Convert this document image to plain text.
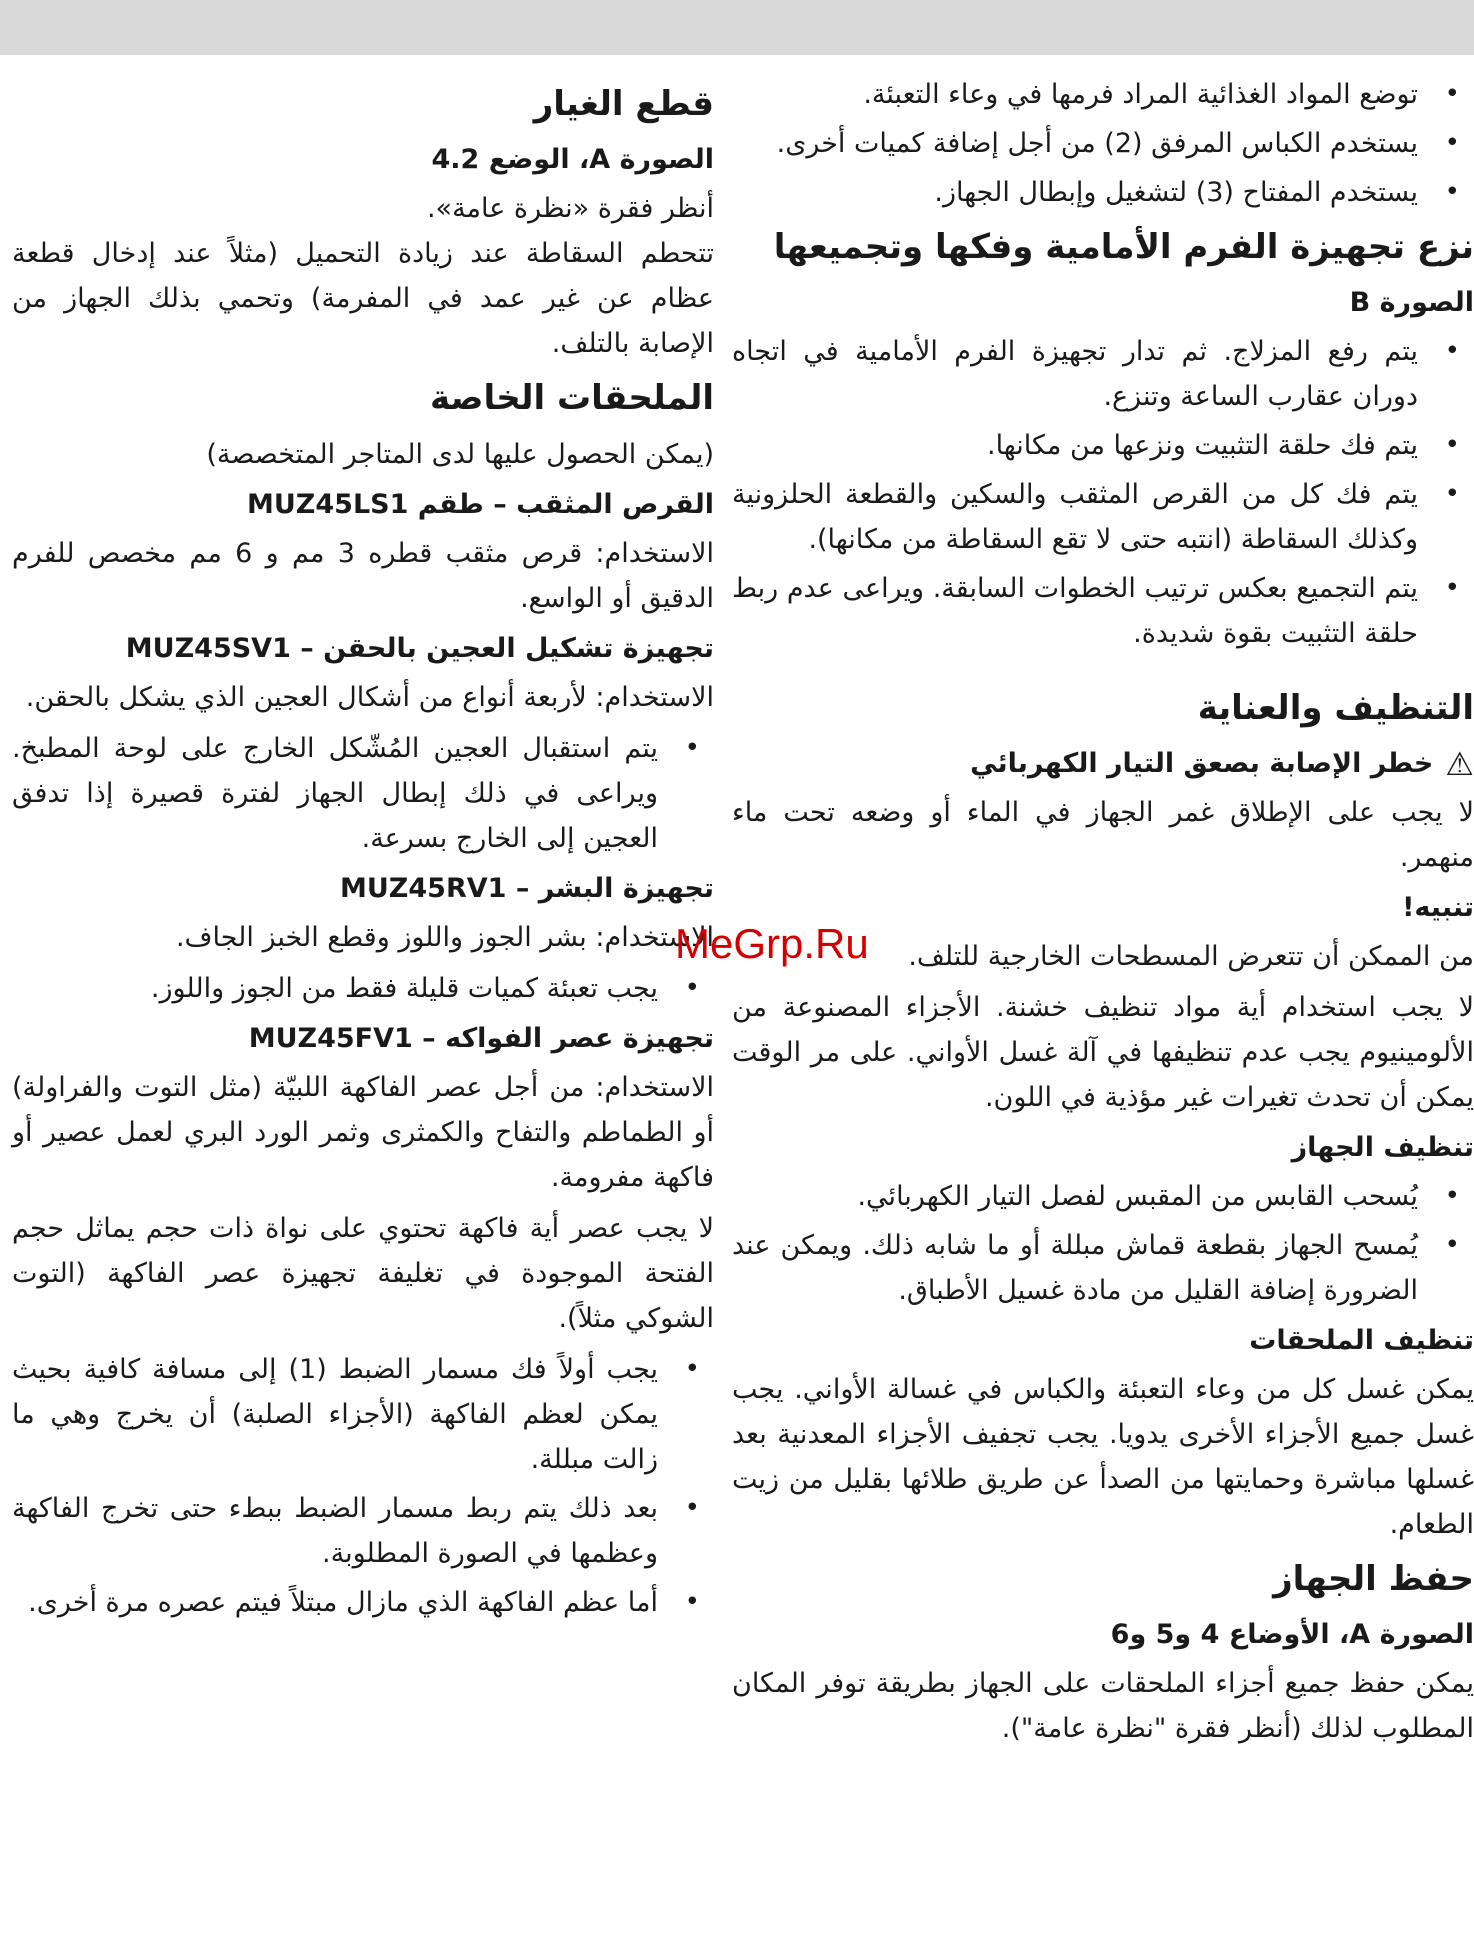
• توضع المواد الغذائية المراد فرمها في وعاء التعبئة.
• يستخدم الكباس المرفق (2) من أجل إضافة كميات أخرى.
• يستخدم المفتاح (3) لتشغيل وإبطال الجهاز.
نزع تجهيزة الفرم الأمامية وفكها وتجميعها
الصورة B
• يتم رفع المزلاج. ثم تدار تجهيزة الفرم الأمامية في اتجاه دوران عقارب الساعة وتنزع.
• يتم فك حلقة التثبيت ونزعها من مكانها.
• يتم فك كل من القرص المثقب والسكين والقطعة الحلزونية وكذلك السقاطة (انتبه حتى لا تقع السقاطة من مكانها).
• يتم التجميع بعكس ترتيب الخطوات السابقة. ويراعى عدم ربط حلقة التثبيت بقوة شديدة.
التنظيف والعناية
⚠
خطر الإصابة بصعق التيار الكهربائي

لا يجب على الإطلاق غمر الجهاز في الماء أو وضعه تحت ماء منهمر.

تنبيه!

من الممكن أن تتعرض المسطحات الخارجية للتلف.

لا يجب استخدام أية مواد تنظيف خشنة. الأجزاء المصنوعة من الألومينيوم يجب عدم تنظيفها في آلة غسل الأواني. على مر الوقت يمكن أن تحدث تغيرات غير مؤذية في اللون.

تنظيف الجهاز
• يُسحب القابس من المقبس لفصل التيار الكهربائي.
• يُمسح الجهاز بقطعة قماش مبللة أو ما شابه ذلك. ويمكن عند الضرورة إضافة القليل من مادة غسيل الأطباق.
تنظيف الملحقات

يمكن غسل كل من وعاء التعبئة والكباس في غسالة الأواني. يجب غسل جميع الأجزاء الأخرى يدويا. يجب تجفيف الأجزاء المعدنية بعد غسلها مباشرة وحمايتها من الصدأ عن طريق طلائها بقليل من زيت الطعام.

حفظ الجهاز
الصورة A، الأوضاع 4 و5 و6

يمكن حفظ جميع أجزاء الملحقات على الجهاز بطريقة توفر المكان المطلوب لذلك (أنظر فقرة "نظرة عامة").

قطع الغيار
الصورة A، الوضع 4.2

أنظر فقرة «نظرة عامة».

تتحطم السقاطة عند زيادة التحميل (مثلاً عند إدخال قطعة عظام عن غير عمد في المفرمة) وتحمي بذلك الجهاز من الإصابة بالتلف.

الملحقات الخاصة

(يمكن الحصول عليها لدى المتاجر المتخصصة)

القرص المثقب – طقم MUZ45LS1

الاستخدام: قرص مثقب قطره 3 مم و 6 مم مخصص للفرم الدقيق أو الواسع.

تجهيزة تشكيل العجين بالحقن – MUZ45SV1

الاستخدام: لأربعة أنواع من أشكال العجين الذي يشكل بالحقن.

• يتم استقبال العجين المُشّكل الخارج على لوحة المطبخ. ويراعى في ذلك إبطال الجهاز لفترة قصيرة إذا تدفق العجين إلى الخارج بسرعة.
تجهيزة البشر – MUZ45RV1

الاستخدام: بشر الجوز واللوز وقطع الخبز الجاف.

• يجب تعبئة كميات قليلة فقط من الجوز واللوز.
تجهيزة عصر الفواكه – MUZ45FV1

الاستخدام: من أجل عصر الفاكهة اللبيّة (مثل التوت والفراولة) أو الطماطم والتفاح والكمثرى وثمر الورد البري لعمل عصير أو فاكهة مفرومة.

لا يجب عصر أية فاكهة تحتوي على نواة ذات حجم يماثل حجم الفتحة الموجودة في تغليفة تجهيزة عصر الفاكهة (التوت الشوكي مثلاً).

• يجب أولاً فك مسمار الضبط (1) إلى مسافة كافية بحيث يمكن لعظم الفاكهة (الأجزاء الصلبة) أن يخرج وهي ما زالت مبللة.
• بعد ذلك يتم ربط مسمار الضبط ببطء حتى تخرج الفاكهة وعظمها في الصورة المطلوبة.
• أما عظم الفاكهة الذي مازال مبتلاً فيتم عصره مرة أخرى.
MeGrp.Ru
